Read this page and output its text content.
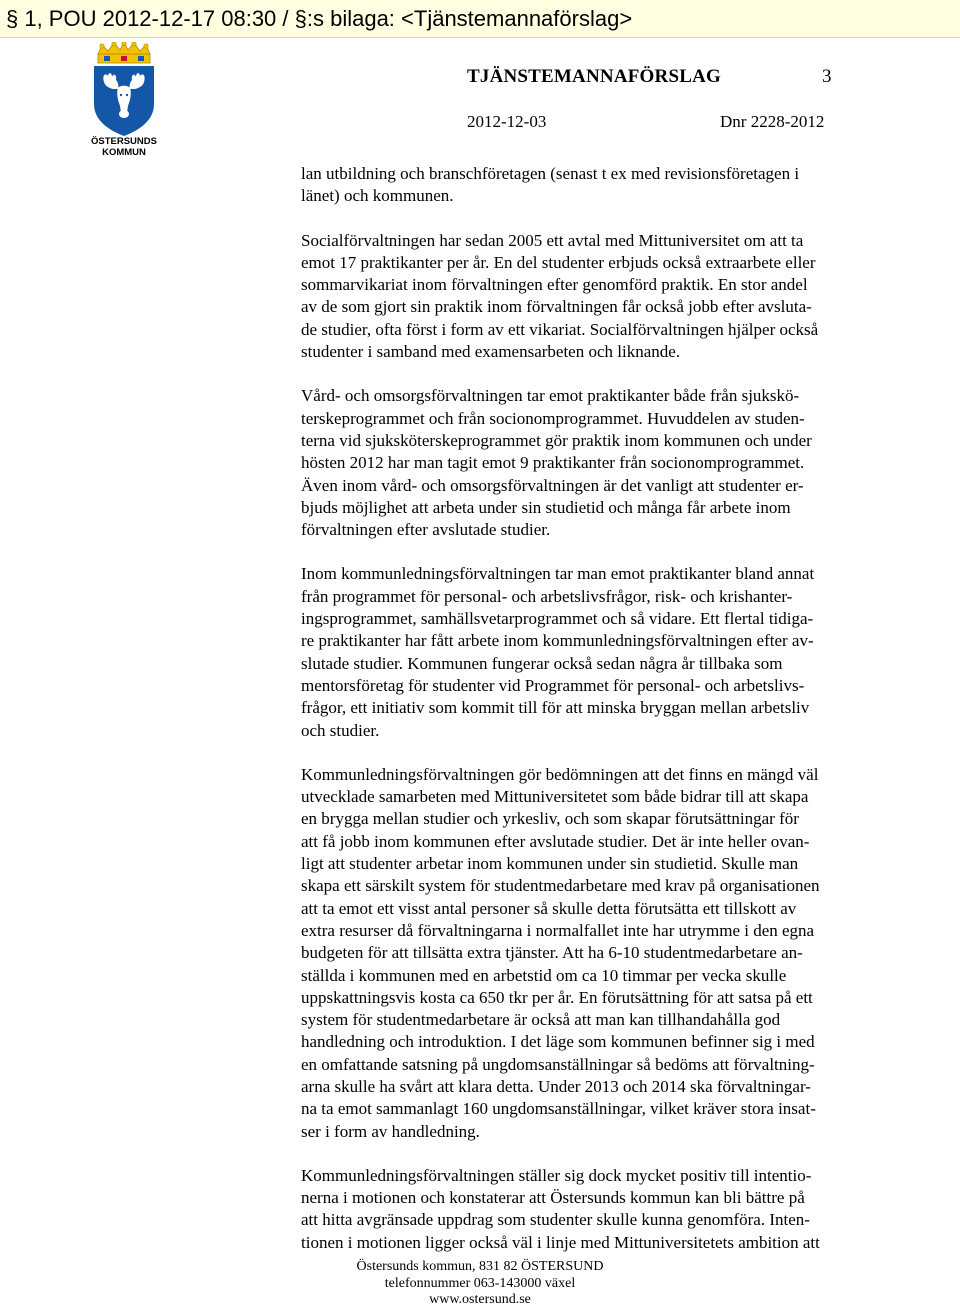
§ 1, POU 2012-12-17 08:30 / §:s bilaga: <Tjänstemannaförslag>
ÖSTERSUNDS
KOMMUN
TJÄNSTEMANNAFÖRSLAG	3
2012-12-03	Dnr 2228-2012

lan utbildning och branschföretagen (senast t ex med revisionsföretagen i
länet) och kommunen.

Socialförvaltningen har sedan 2005 ett avtal med Mittuniversitet om att ta
emot 17 praktikanter per år. En del studenter erbjuds också extraarbete eller
sommarvikariat inom förvaltningen efter genomförd praktik. En stor andel
av de som gjort sin praktik inom förvaltningen får också jobb efter avsluta-
de studier, ofta först i form av ett vikariat. Socialförvaltningen hjälper också
studenter i samband med examensarbeten och liknande.

Vård- och omsorgsförvaltningen tar emot praktikanter både från sjukskö-
terskeprogrammet och från socionomprogrammet. Huvuddelen av studen-
terna vid sjuksköterskeprogrammet gör praktik inom kommunen och under
hösten 2012 har man tagit emot 9 praktikanter från socionomprogrammet.
Även inom vård- och omsorgsförvaltningen är det vanligt att studenter er-
bjuds möjlighet att arbeta under sin studietid och många får arbete inom
förvaltningen efter avslutade studier.

Inom kommunledningsförvaltningen tar man emot praktikanter bland annat
från programmet för personal- och arbetslivsfrågor, risk- och krishanter-
ingsprogrammet, samhällsvetarprogrammet och så vidare. Ett flertal tidiga-
re praktikanter har fått arbete inom kommunledningsförvaltningen efter av-
slutade studier. Kommunen fungerar också sedan några år tillbaka som
mentorsföretag för studenter vid Programmet för personal- och arbetslivs-
frågor, ett initiativ som kommit till för att minska bryggan mellan arbetsliv
och studier.

Kommunledningsförvaltningen gör bedömningen att det finns en mängd väl
utvecklade samarbeten med Mittuniversitetet som både bidrar till att skapa
en brygga mellan studier och yrkesliv, och som skapar förutsättningar för
att få jobb inom kommunen efter avslutade studier. Det är inte heller ovan-
ligt att studenter arbetar inom kommunen under sin studietid. Skulle man
skapa ett särskilt system för studentmedarbetare med krav på organisationen
att ta emot ett visst antal personer så skulle detta förutsätta ett tillskott av
extra resurser då förvaltningarna i normalfallet inte har utrymme i den egna
budgeten för att tillsätta extra tjänster. Att ha 6-10 studentmedarbetare an-
ställda i kommunen med en arbetstid om ca 10 timmar per vecka skulle
uppskattningsvis kosta ca 650 tkr per år. En förutsättning för att satsa på ett
system för studentmedarbetare är också att man kan tillhandahålla god
handledning och introduktion. I det läge som kommunen befinner sig i med
en omfattande satsning på ungdomsanställningar så bedöms att förvaltning-
arna skulle ha svårt att klara detta. Under 2013 och 2014 ska förvaltningar-
na ta emot sammanlagt 160 ungdomsanställningar, vilket kräver stora insat-
ser i form av handledning.

Kommunledningsförvaltningen ställer sig dock mycket positiv till intentio-
nerna i motionen och konstaterar att Östersunds kommun kan bli bättre på
att hitta avgränsade uppdrag som studenter skulle kunna genomföra. Inten-
tionen i motionen ligger också väl i linje med Mittuniversitetets ambition att

Östersunds kommun, 831 82 ÖSTERSUND
telefonnummer 063-143000 växel
www.ostersund.se
